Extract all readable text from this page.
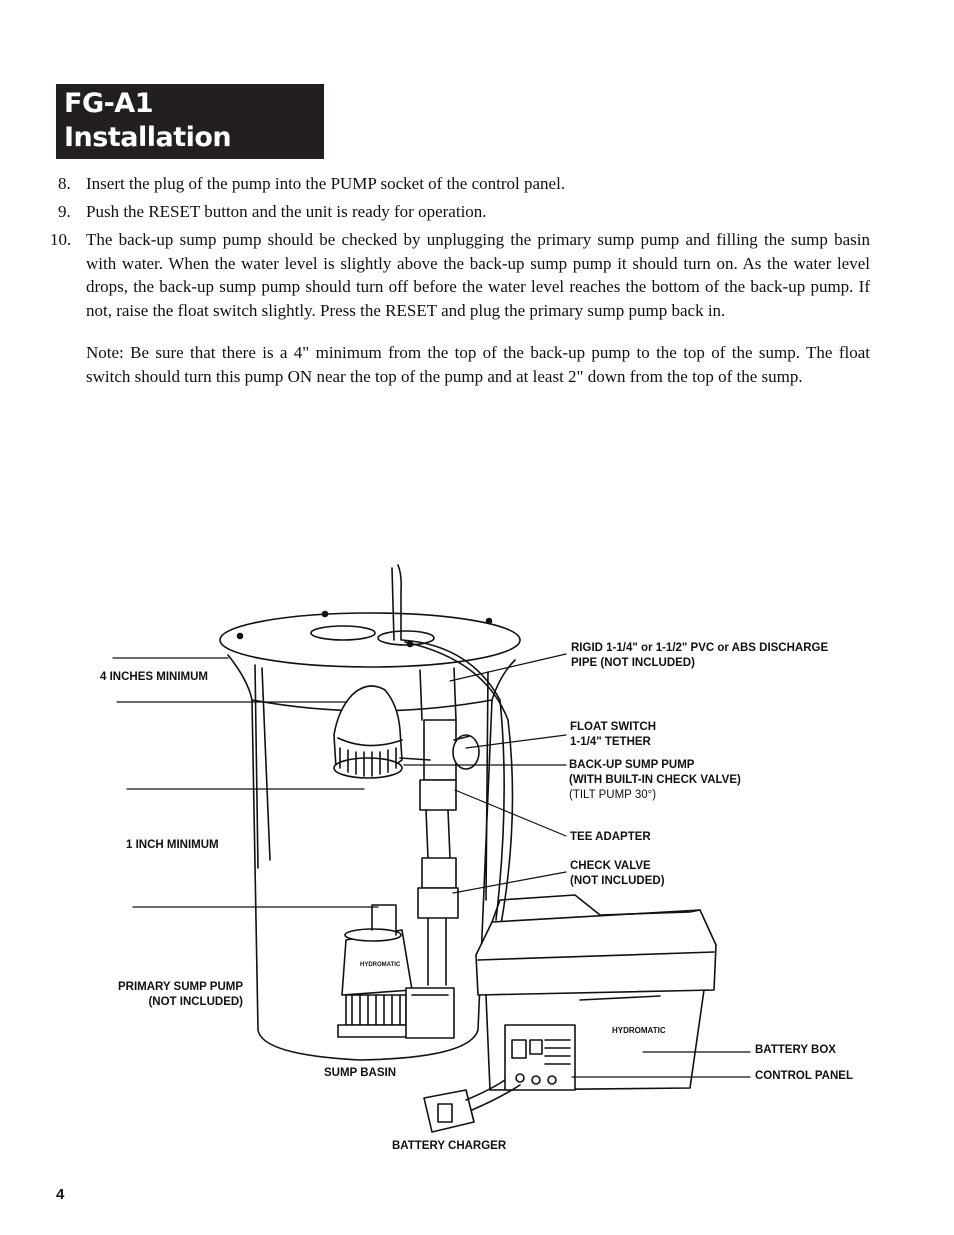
FG-A1
Installation
8. Insert the plug of the pump into the PUMP socket of the control panel.
9. Push the RESET button and the unit is ready for operation.
10. The back-up sump pump should be checked by unplugging the primary sump pump and filling the sump basin with water. When the water level is slightly above the back-up sump pump it should turn on. As the water level drops, the back-up sump pump should turn off before the water level reaches the bottom of the back-up pump. If not, raise the float switch slightly. Press the RESET and plug the primary sump pump back in.
Note: Be sure that there is a 4" minimum from the top of the back-up pump to the top of the sump. The float switch should turn this pump ON near the top of the pump and at least 2" down from the top of the sump.
HYDROMATIC
HYDROMATIC
4 INCHES MINIMUM
1 INCH MINIMUM
PRIMARY SUMP PUMP
(NOT INCLUDED)
SUMP BASIN
BATTERY CHARGER
RIGID 1-1/4" or 1-1/2" PVC or ABS DISCHARGE
PIPE (NOT INCLUDED)
FLOAT SWITCH
1-1/4" TETHER
BACK-UP SUMP PUMP
(WITH BUILT-IN CHECK VALVE)
(TILT PUMP 30°)
TEE ADAPTER
CHECK VALVE
(NOT INCLUDED)
BATTERY BOX
CONTROL PANEL
4
